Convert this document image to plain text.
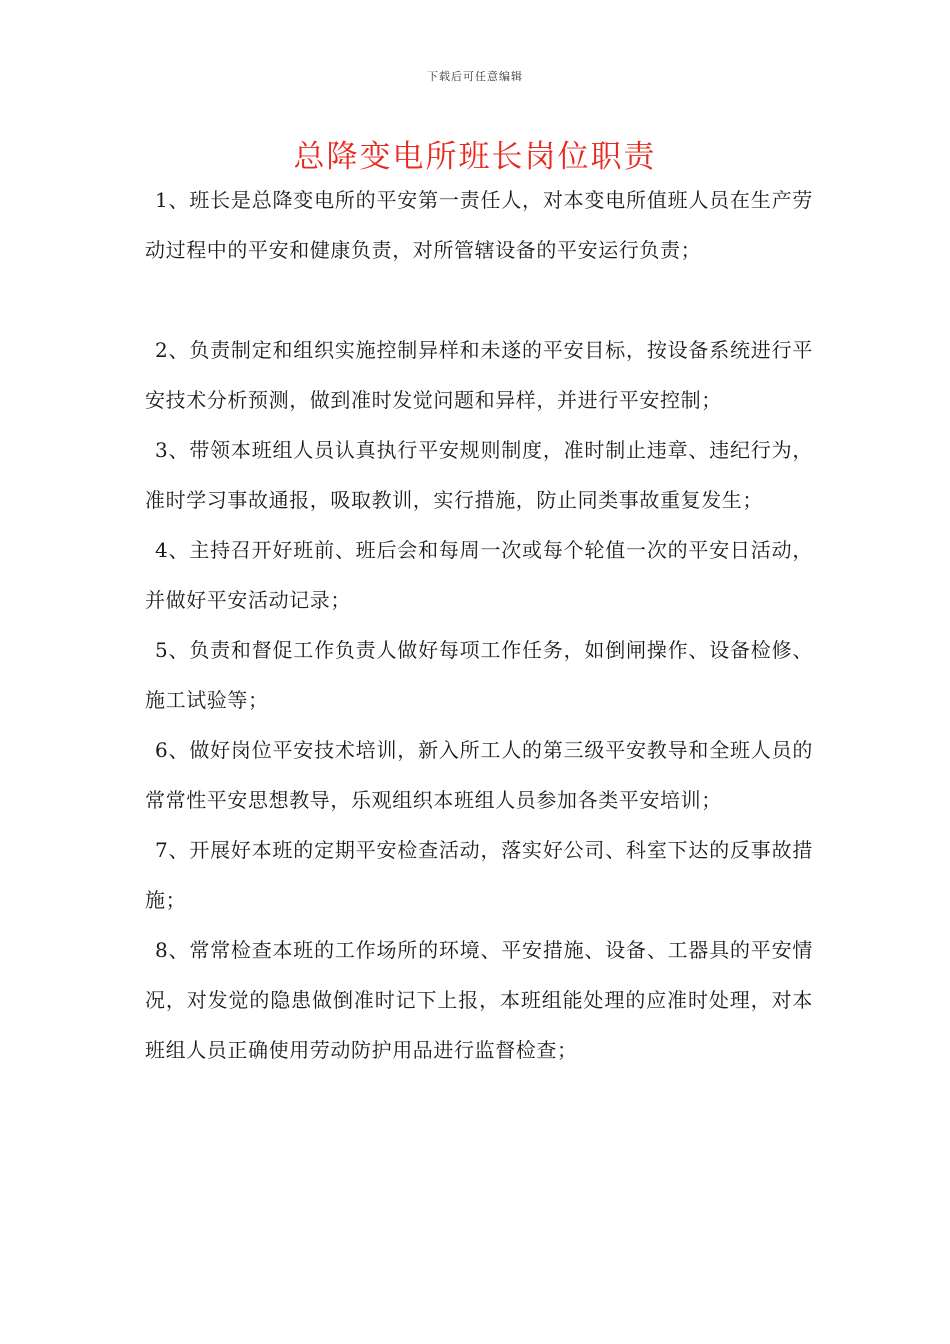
下载后可任意编辑
总降变电所班长岗位职责

1、班长是总降变电所的平安第一责任人，对本变电所值班人员在生产劳动过程中的平安和健康负责，对所管辖设备的平安运行负责；

2、负责制定和组织实施控制异样和未遂的平安目标，按设备系统进行平安技术分析预测，做到准时发觉问题和异样，并进行平安控制；

3、带领本班组人员认真执行平安规则制度，准时制止违章、违纪行为，准时学习事故通报，吸取教训，实行措施，防止同类事故重复发生；

4、主持召开好班前、班后会和每周一次或每个轮值一次的平安日活动，并做好平安活动记录；

5、负责和督促工作负责人做好每项工作任务，如倒闸操作、设备检修、施工试验等；

6、做好岗位平安技术培训，新入所工人的第三级平安教导和全班人员的常常性平安思想教导，乐观组织本班组人员参加各类平安培训；

7、开展好本班的定期平安检查活动，落实好公司、科室下达的反事故措施；

8、常常检查本班的工作场所的环境、平安措施、设备、工器具的平安情况，对发觉的隐患做倒准时记下上报，本班组能处理的应准时处理，对本班组人员正确使用劳动防护用品进行监督检查；
